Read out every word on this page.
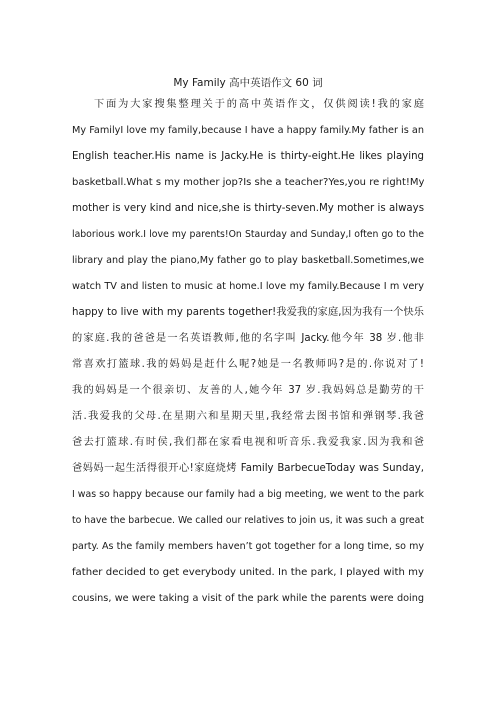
My Family 高中英语作文 60 词
下面为大家搜集整理关于的高中英语作文，仅供阅读!我的家庭
My FamilyI love my family,because I have a happy family.My father is an
English teacher.His name is Jacky.He is thirty-eight.He likes playing
basketball.What s my mother jop?Is she a teacher?Yes,you re right!My
mother is very kind and nice,she is thirty-seven.My mother is always
laborious work.I love my parents!On Staurday and Sunday,I often go to the
library and play the piano,My father go to play basketball.Sometimes,we
watch TV and listen to music at home.I love my family.Because I m very
happy to live with my parents together!我爱我的家庭,因为我有一个快乐
的家庭.我的爸爸是一名英语教师,他的名字叫 Jacky.他今年 38 岁.他非
常喜欢打篮球.我的妈妈是赶什么呢?她是一名教师吗?是的.你说对了!
我的妈妈是一个很亲切、友善的人,她今年 37 岁.我妈妈总是勤劳的干
活.我爱我的父母.在星期六和星期天里,我经常去图书馆和弹钢琴.我爸
爸去打篮球.有时侯,我们都在家看电视和听音乐.我爱我家.因为我和爸
爸妈妈一起生活得很开心!家庭烧烤 Family BarbecueToday was Sunday,
I was so happy because our family had a big meeting, we went to the park
to have the barbecue. We called our relatives to join us, it was such a great
party. As the family members haven’t got together for a long time, so my
father decided to get everybody united. In the park, I played with my
cousins, we were taking a visit of the park while the parents were doing
